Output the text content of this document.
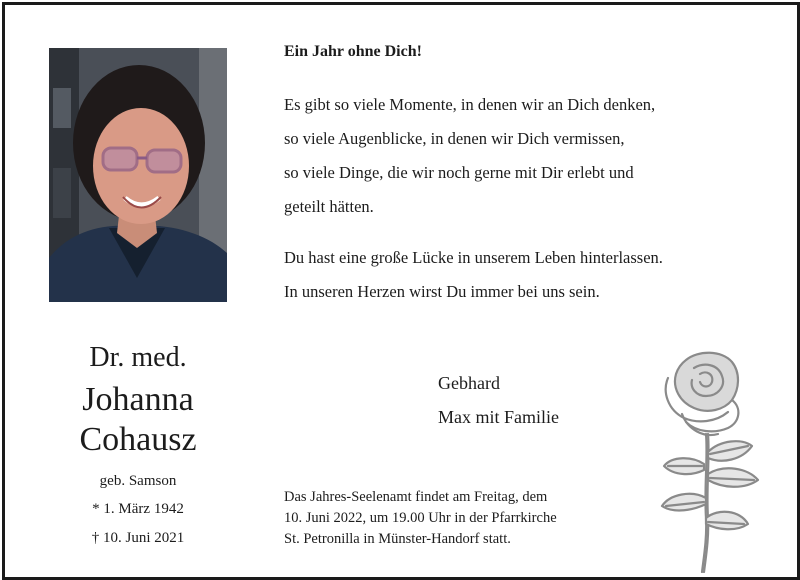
Ein Jahr ohne Dich!

Es gibt so viele Momente, in denen wir an Dich denken,

so viele Augenblicke, in denen wir Dich vermissen,

so viele Dinge, die wir noch gerne mit Dir erlebt und

geteilt hätten.

Du hast eine große Lücke in unserem Leben hinterlassen.

In unseren Herzen wirst Du immer bei uns sein.

Dr. med.
Johanna
Cohausz
geb. Samson
* 1. März 1942
† 10. Juni 2021
Gebhard
Max mit Familie
Das Jahres-Seelenamt findet am Freitag, dem
10. Juni 2022, um 19.00 Uhr in der Pfarrkirche
St. Petronilla in Münster-Handorf statt.
